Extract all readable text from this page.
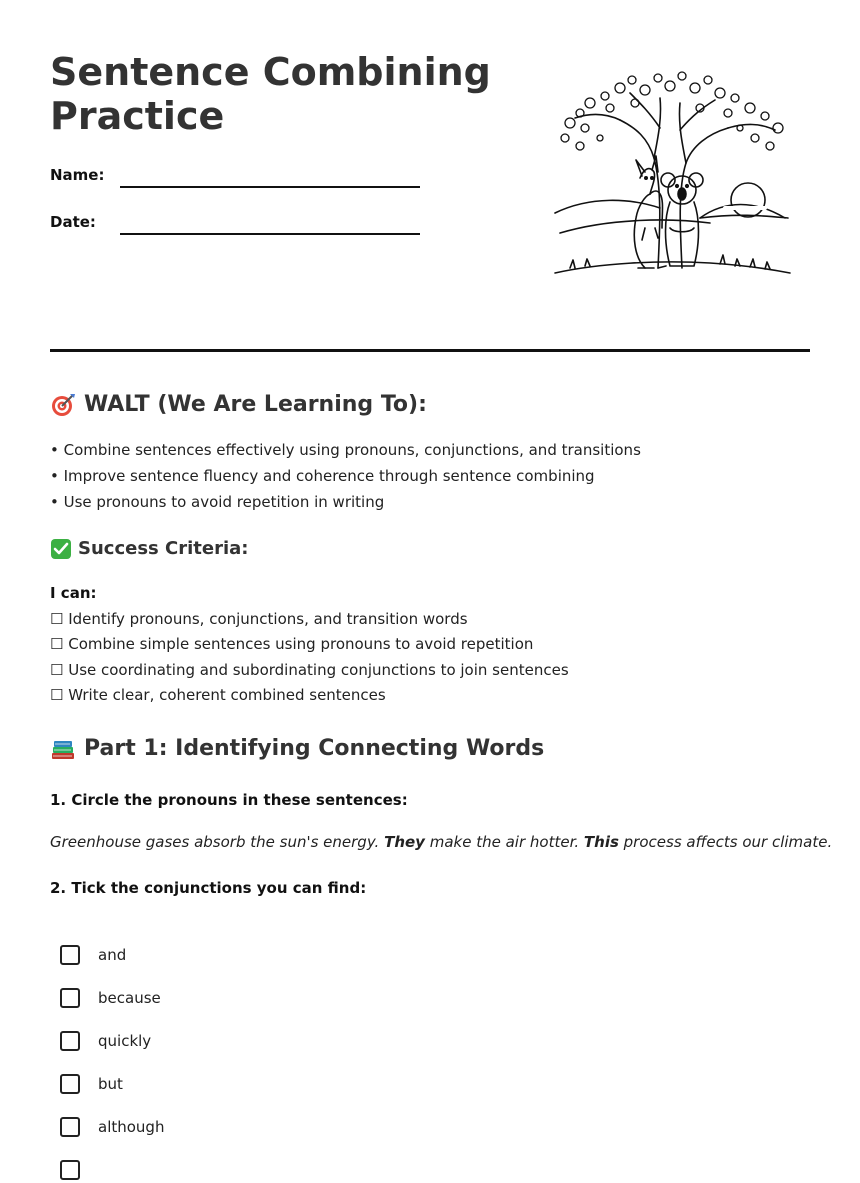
Sentence Combining
Practice
Name:
Date:
WALT (We Are Learning To):
• Combine sentences effectively using pronouns, conjunctions, and transitions
• Improve sentence fluency and coherence through sentence combining
• Use pronouns to avoid repetition in writing
Success Criteria:
I can:
☐ Identify pronouns, conjunctions, and transition words
☐ Combine simple sentences using pronouns to avoid repetition
☐ Use coordinating and subordinating conjunctions to join sentences
☐ Write clear, coherent combined sentences
Part 1: Identifying Connecting Words
1. Circle the pronouns in these sentences:
Greenhouse gases absorb the sun's energy. They make the air hotter. This process affects our climate.
2. Tick the conjunctions you can find:
and
because
quickly
but
although
